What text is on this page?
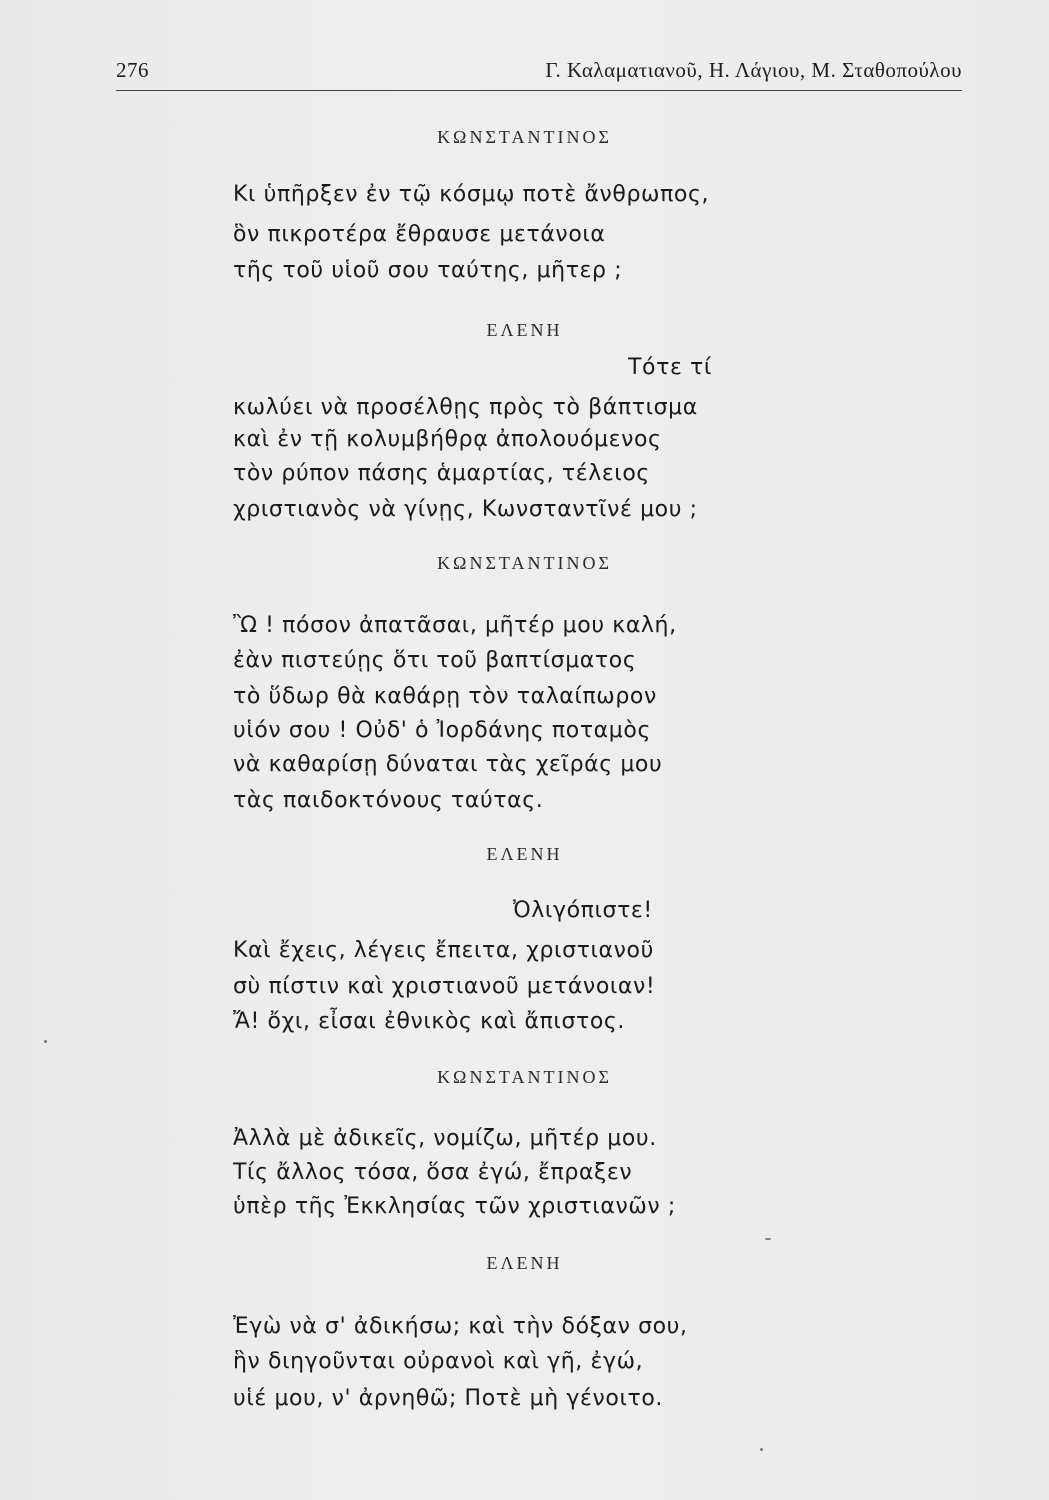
276	Γ. Καλαματιανοῦ, Η. Λάγιου, Μ. Σταθοπούλου
ΚΩΝΣΤΑΝΤΙΝΟΣ
Κι ὑπῆρξεν ἐν τῷ κόσμῳ ποτὲ ἄνθρωπος,
ὃν πικροτέρα ἔθραυσε μετάνοια
τῆς τοῦ υἱοῦ σου ταύτης, μῆτερ ;
ΕΛΕΝΗ
Τότε τί
κωλύει νὰ προσέλθῃς πρὸς τὸ βάπτισμα
καὶ ἐν τῇ κολυμβήθρᾳ ἀπολουόμενος
τὸν ρύπον πάσης ἁμαρτίας, τέλειος
χριστιανὸς νὰ γίνῃς, Κωνσταντῖνέ μου ;
ΚΩΝΣΤΑΝΤΙΝΟΣ
Ὢ ! πόσον ἀπατᾶσαι, μῆτέρ μου καλή,
ἐὰν πιστεύῃς ὅτι τοῦ βαπτίσματος
τὸ ὕδωρ θὰ καθάρῃ τὸν ταλαίπωρον
υἱόν σου ! Οὐδ' ὁ Ἰορδάνης ποταμὸς
νὰ καθαρίσῃ δύναται τὰς χεῖράς μου
τὰς παιδοκτόνους ταύτας.
ΕΛΕΝΗ
Ὀλιγόπιστε!
Καὶ ἔχεις, λέγεις ἔπειτα, χριστιανοῦ
σὺ πίστιν καὶ χριστιανοῦ μετάνοιαν!
Ἄ! ὄχι, εἶσαι ἐθνικὸς καὶ ἄπιστος.
ΚΩΝΣΤΑΝΤΙΝΟΣ
Ἀλλὰ μὲ ἀδικεῖς, νομίζω, μῆτέρ μου.
Τίς ἄλλος τόσα, ὅσα ἐγώ, ἔπραξεν
ὑπὲρ τῆς Ἐκκλησίας τῶν χριστιανῶν ;
ΕΛΕΝΗ
Ἐγὼ νὰ σ' ἀδικήσω; καὶ τὴν δόξαν σου,
ἣν διηγοῦνται οὐρανοὶ καὶ γῆ, ἐγώ,
υἱέ μου, ν' ἀρνηθῶ; Ποτὲ μὴ γένοιτο.
